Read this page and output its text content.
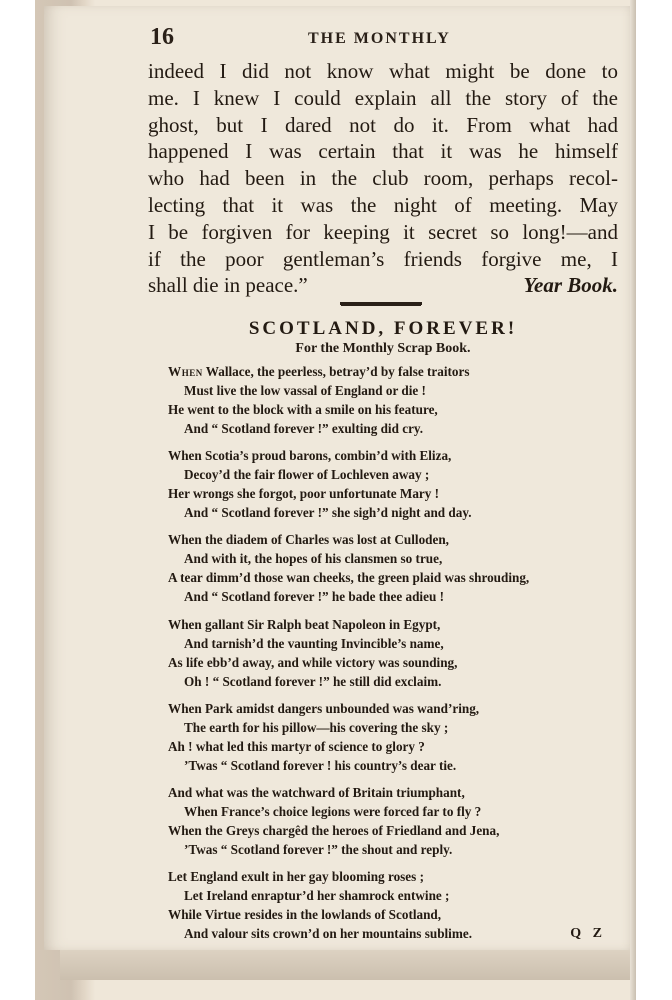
16	THE MONTHLY
indeed I did not know what might be done to
me. I knew I could explain all the story of the
ghost, but I dared not do it. From what had
happened I was certain that it was he himself
who had been in the club room, perhaps recol-
lecting that it was the night of meeting. May
I be forgiven for keeping it secret so long!—and
if the poor gentleman’s friends forgive me, I
shall die in peace.”	Year Book.
SCOTLAND, FOREVER!
For the Monthly Scrap Book.
When Wallace, the peerless, betray’d by false traitors
Must live the low vassal of England or die !
He went to the block with a smile on his feature,
And “ Scotland forever !” exulting did cry.
When Scotia’s proud barons, combin’d with Eliza,
Decoy’d the fair flower of Lochleven away ;
Her wrongs she forgot, poor unfortunate Mary !
And “ Scotland forever !” she sigh’d night and day.
When the diadem of Charles was lost at Culloden,
And with it, the hopes of his clansmen so true,
A tear dimm’d those wan cheeks, the green plaid was shrouding,
And “ Scotland forever !” he bade thee adieu !
When gallant Sir Ralph beat Napoleon in Egypt,
And tarnish’d the vaunting Invincible’s name,
As life ebb’d away, and while victory was sounding,
Oh ! “ Scotland forever !” he still did exclaim.
When Park amidst dangers unbounded was wand’ring,
The earth for his pillow—his covering the sky ;
Ah ! what led this martyr of science to glory ?
’Twas “ Scotland forever ! his country’s dear tie.
And what was the watchward of Britain triumphant,
When France’s choice legions were forced far to fly ?
When the Greys chargêd the heroes of Friedland and Jena,
’Twas “ Scotland forever !” the shout and reply.
Let England exult in her gay blooming roses ;
Let Ireland enraptur’d her shamrock entwine ;
While Virtue resides in the lowlands of Scotland,
And valour sits crown’d on her mountains sublime.	Q Z
